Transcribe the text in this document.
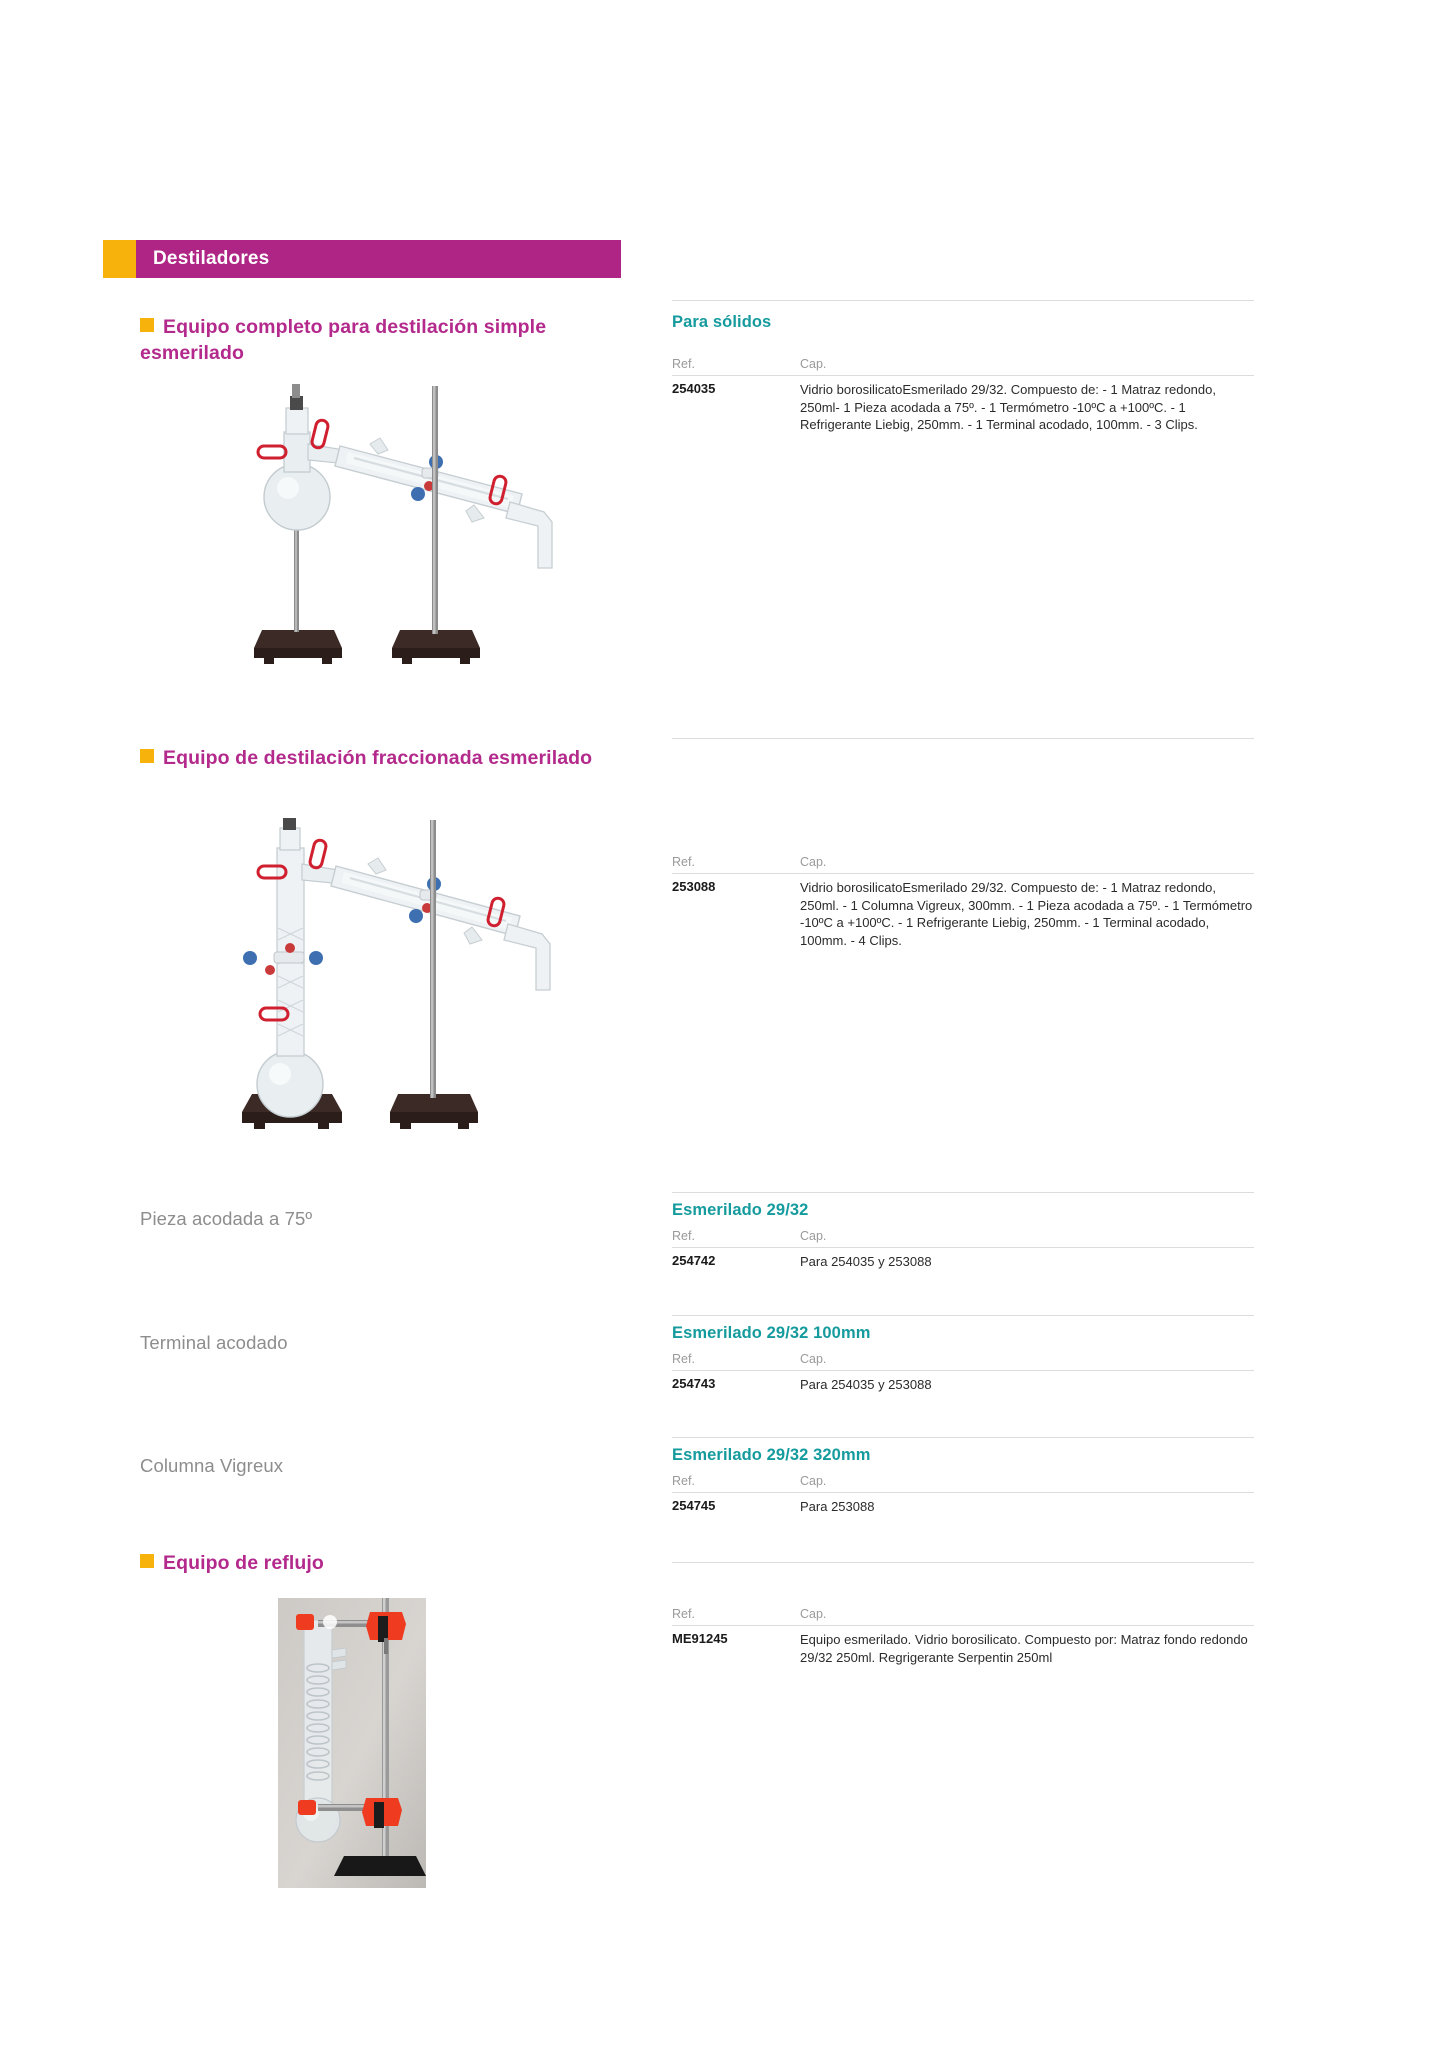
Destiladores
Equipo completo para destilación simple esmerilado
Para sólidos
Ref.	Cap.
254035	Vidrio borosilicatoEsmerilado 29/32. Compuesto de: - 1 Matraz redondo, 250ml- 1 Pieza acodada a 75º. - 1 Termómetro -10ºC a +100ºC. - 1 Refrigerante Liebig, 250mm. - 1 Terminal acodado, 100mm. - 3 Clips.
Equipo de destilación fraccionada esmerilado
Ref.	Cap.
253088	Vidrio borosilicatoEsmerilado 29/32. Compuesto de: - 1 Matraz redondo, 250ml. - 1 Columna Vigreux, 300mm. - 1 Pieza acodada a 75º. - 1 Termómetro -10ºC a +100ºC. - 1 Refrigerante Liebig, 250mm. - 1 Terminal acodado, 100mm. - 4 Clips.
Pieza acodada a 75º	Esmerilado 29/32
Ref.	Cap.
254742	Para 254035 y 253088
Terminal acodado	Esmerilado 29/32 100mm
Ref.	Cap.
254743	Para 254035 y 253088
Columna Vigreux	Esmerilado 29/32 320mm
Ref.	Cap.
254745	Para 253088
Equipo de reflujo
Ref.	Cap.
ME91245	Equipo esmerilado. Vidrio borosilicato. Compuesto por: Matraz fondo redondo 29/32 250ml. Regrigerante Serpentin 250ml
